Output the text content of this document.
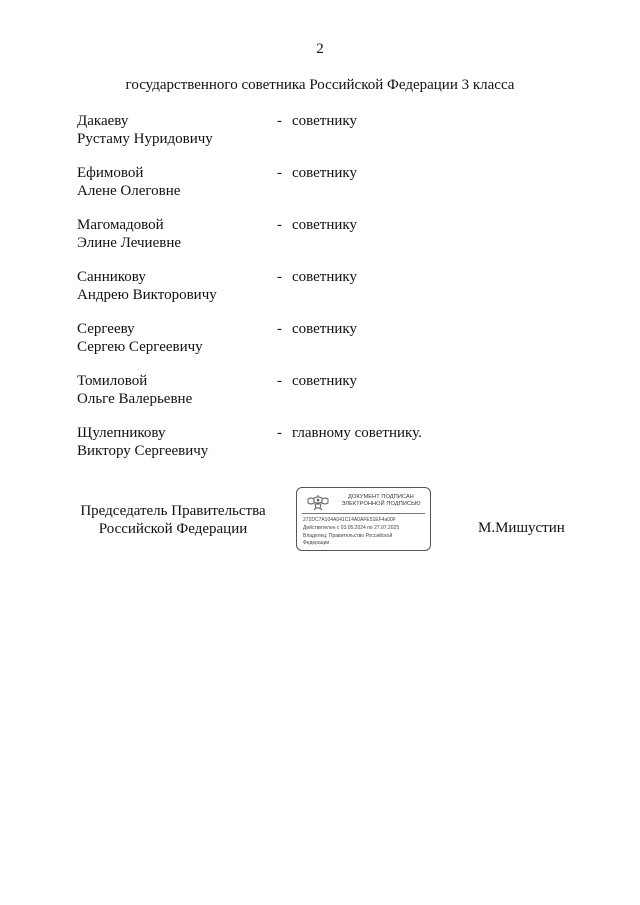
2
государственного советника Российской Федерации 3 класса
Дакаеву
Рустаму Нуридовичу
- советнику
Ефимовой
Алене Олеговне
- советнику
Магомадовой
Элине Лечиевне
- советнику
Санникову
Андрею Викторовичу
- советнику
Сергееву
Сергею Сергеевичу
- советнику
Томиловой
Ольге Валерьевне
- советнику
Щулепникову
Виктору Сергеевичу
- главному советнику.
Председатель Правительства
Российской Федерации
ДОКУМЕНТ ПОДПИСАН
ЭЛЕКТРОННОЙ ПОДПИСЬЮ
272DC7A104A041C14A0AFE51EF4a00F
Действителен с 03.05.2024 по 27.07.2025
Владелец: Правительство Российской
Федерации
М.Мишустин
